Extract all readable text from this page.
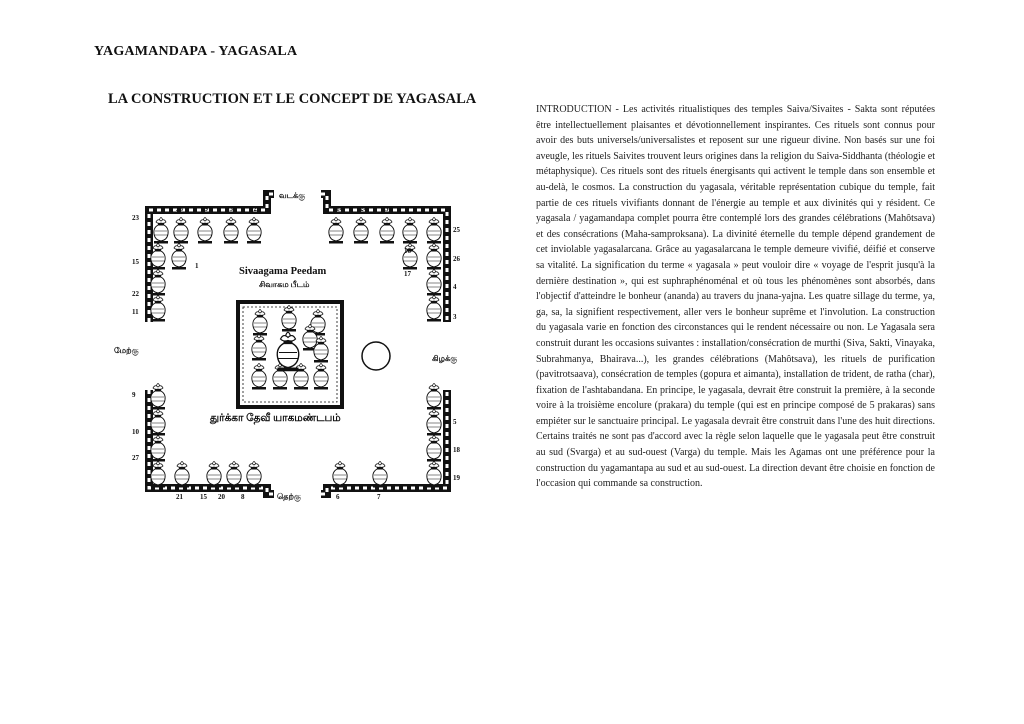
YAGAMANDAPA - YAGASALA
LA CONSTRUCTION ET LE CONCEPT DE YAGASALA

INTRODUCTION - Les activités ritualistiques des temples Saiva/Sivaites - Sakta sont réputées être intellectuellement plaisantes et dévotionnellement inspirantes. Ces rituels sont connus pour avoir des buts universels/universalistes et reposent sur une rigueur divine. Non basés sur une foi aveugle, les rituels Saivites trouvent leurs origines dans la religion du Saiva-Siddhanta (théologie et métaphysique). Ces rituels sont des rituels énergisants qui activent le temple dans son ensemble et au-delà, le cosmos. La construction du yagasala, véritable représentation cubique du temple, fait partie de ces rituels vivifiants donnant de l'énergie au temple et aux divinités qui y résident. Ce yagasala / yagamandapa complet pourra être contemplé lors des grandes célébrations (Mahôtsava) et des consécrations (Maha-samproksana). La divinité éternelle du temple dépend grandement de cet inviolable yagasalarcana. Grâce au yagasalarcana le temple demeure vivifié, déifié et conserve sa vitalité. La signification du terme « yagasala » peut vouloir dire « voyage de l'esprit jusqu'à la dernière destination », qui est suphraphénoménal et où tous les phénomènes sont absorbés, dans l'objectif d'atteindre le bonheur (ananda) au travers du jnana-yajna. Les quatre sillage du terme, ya, ga, sa, la signifient respectivement, aller vers le bonheur suprême et l'involution. La construction du yagasala varie en fonction des circonstances qui le rendent nécessaire ou non. Le Yagasala sera construit durant les occasions suivantes : installation/consécration de murthi (Siva, Sakti, Vinayaka, Subrahmanya, Bhairava...), les grandes célébrations (Mahôtsava), les rituels de purification (pavitrotsaava), consécration de temples (gopura et aimanta), installation de trident, de ratha (char), fixation de l'ashtabandana. En principe, le yagasala, devrait être construit la première, à la seconde voire à la troisième encolure (prakara) du temple (qui est en principe composé de 5 prakaras) sans empiéter sur le sanctuaire principal. Le yagasala devrait être construit dans l'une des huit directions. Certains traités ne sont pas d'accord avec la règle selon laquelle que le yagasala peut être construit au sud (Svarga) et au sud-ouest (Varga) du temple. Mais les Agamas ont une préférence pour la construction du yagamantapa au sud et au sud-ouest. La direction devant être choisie en fonction de l'occasion qui commande sa construction.

வடக்கு
தெற்கு
மேற்கு
கிழக்கு
23
28	29	13 12
15	1
22
11
14 24	30
25
16
26
17
4
3
Sivaagama Peedam
சிவாகம பீடம்
துர்க்கா தேவீ யாகமண்டபம்
9
10
27
21 15 20 8
5
18
19
6	7
